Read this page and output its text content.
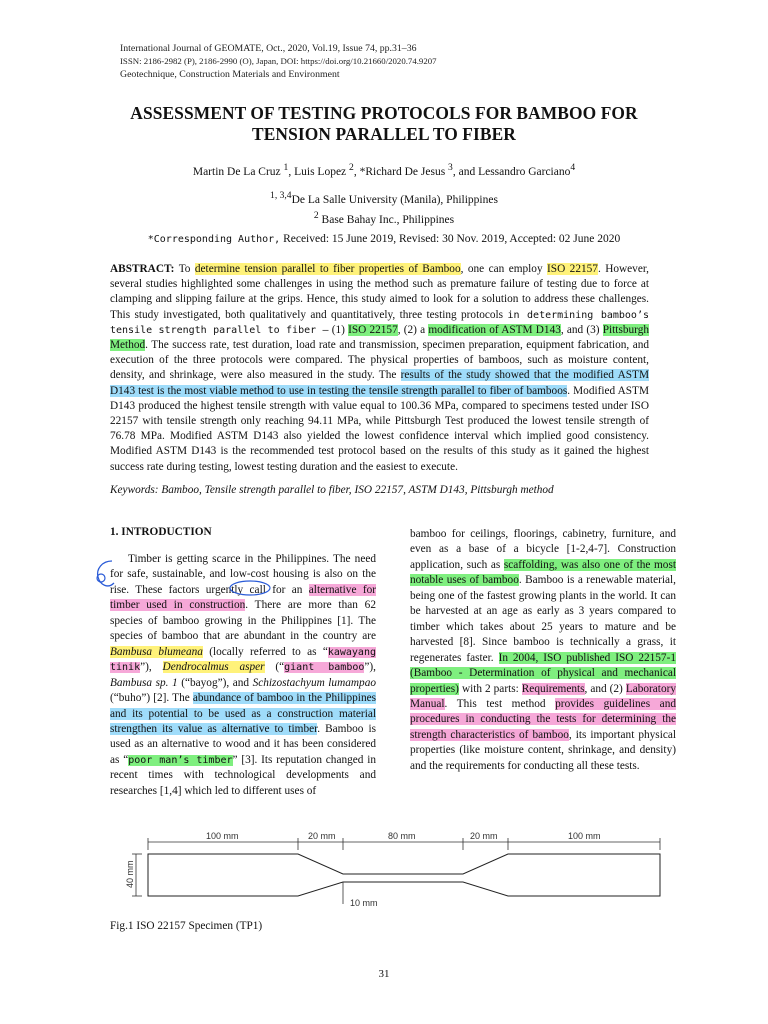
International Journal of GEOMATE, Oct., 2020, Vol.19, Issue 74, pp.31–36
ISSN: 2186-2982 (P), 2186-2990 (O), Japan, DOI: https://doi.org/10.21660/2020.74.9207
Geotechnique, Construction Materials and Environment
ASSESSMENT OF TESTING PROTOCOLS FOR BAMBOO FOR
TENSION PARALLEL TO FIBER
Martin De La Cruz $^1$, Luis Lopez $^2$, *Richard De Jesus $^3$, and Lessandro Garciano$^4$
$^{1, 3,4}$De La Salle University (Manila), Philippines
$^2$ Base Bahay Inc., Philippines
*Corresponding Author, Received: 15 June 2019, Revised: 30 Nov. 2019, Accepted: 02 June 2020
ABSTRACT: To determine tension parallel to fiber properties of Bamboo, one can employ ISO 22157. However, several studies highlighted some challenges in using the method such as premature failure of testing due to force at clamping and slipping failure at the grips. Hence, this study aimed to look for a solution to address these challenges. This study investigated, both qualitatively and quantitatively, three testing protocols in determining bamboo’s tensile strength parallel to fiber – (1) ISO 22157, (2) a modification of ASTM D143, and (3) Pittsburgh Method. The success rate, test duration, load rate and transmission, specimen preparation, equipment fabrication, and execution of the three protocols were compared. The physical properties of bamboos, such as moisture content, density, and shrinkage, were also measured in the study. The results of the study showed that the modified ASTM D143 test is the most viable method to use in testing the tensile strength parallel to fiber of bamboos. Modified ASTM D143 produced the highest tensile strength with value equal to 100.36 MPa, compared to specimens tested under ISO 22157 with tensile strength only reaching 94.11 MPa, while Pittsburgh Test produced the lowest tensile strength of 76.78 MPa. Modified ASTM D143 also yielded the lowest confidence interval which implied good consistency. Modified ASTM D143 is the recommended test protocol based on the results of this study as it gained the highest success rate during testing, lowest testing duration and the easiest to execute.
Keywords: Bamboo, Tensile strength parallel to fiber, ISO 22157, ASTM D143, Pittsburgh method
1. INTRODUCTION

Timber is getting scarce in the Philippines. The need for safe, sustainable, and low-cost housing is also on the rise. These factors urgently call for an alternative for timber used in construction. There are more than 62 species of bamboo growing in the Philippines [1]. The species of bamboo that are abundant in the country are Bambusa blumeana (locally referred to as “kawayang tinik”), Dendrocalmus asper (“giant bamboo”), Bambusa sp. 1 (“bayog”), and Schizostachyum lumampao (“buho”) [2]. The abundance of bamboo in the Philippines and its potential to be used as a construction material strengthen its value as alternative to timber. Bamboo is used as an alternative to wood and it has been considered as “poor man’s timber” [3]. Its reputation changed in recent times with technological developments and researches [1,4] which led to different uses of

bamboo for ceilings, floorings, cabinetry, furniture, and even as a base of a bicycle [1-2,4-7]. Construction application, such as scaffolding, was also one of the most notable uses of bamboo. Bamboo is a renewable material, being one of the fastest growing plants in the world. It can be harvested at an age as early as 3 years compared to timber which takes about 25 years to mature and be harvested [8]. Since bamboo is technically a grass, it regenerates faster. In 2004, ISO published ISO 22157-1 (Bamboo - Determination of physical and mechanical properties) with 2 parts: Requirements, and (2) Laboratory Manual. This test method provides guidelines and procedures in conducting the tests for determining the strength characteristics of bamboo, its important physical properties (like moisture content, shrinkage, and density) and the requirements for conducting all these tests.

100 mm	20 mm	80 mm	20 mm	100 mm
10 mm
40 mm
Fig.1 ISO 22157 Specimen (TP1)
31
